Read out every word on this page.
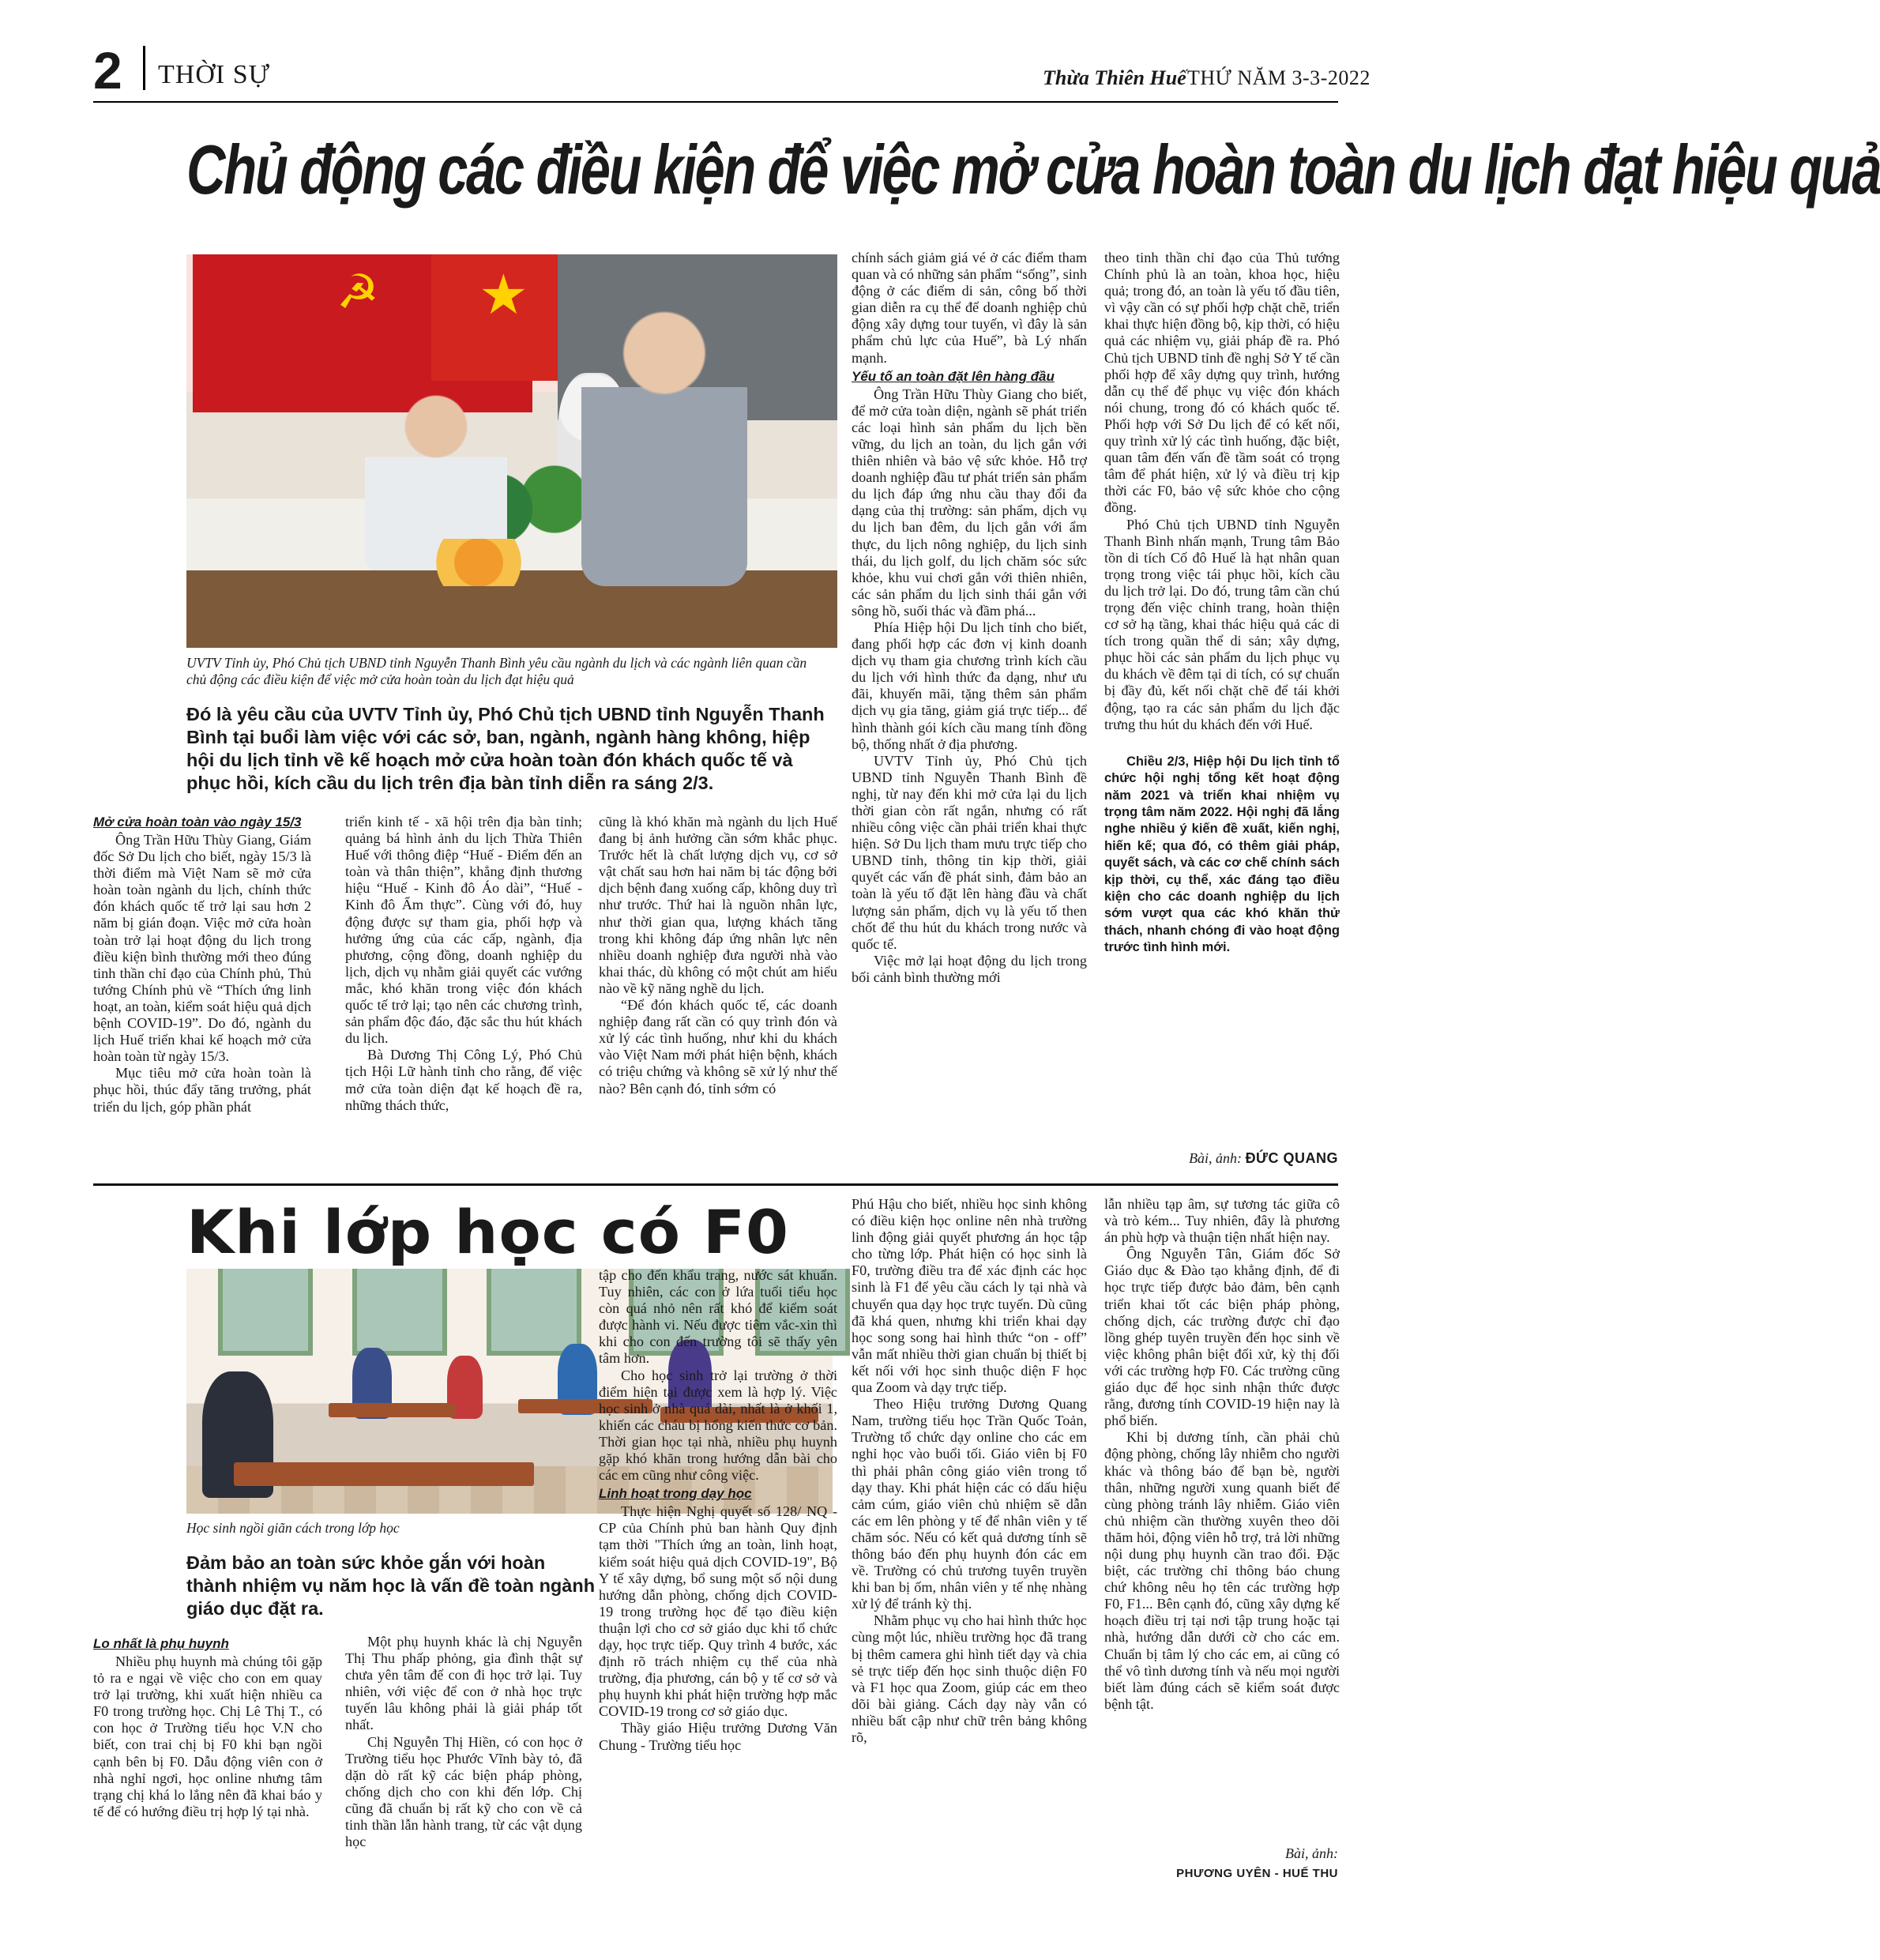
2 THỜI SỰ	Thừa Thiên Huế THỨ NĂM 3-3-2022
Chủ động các điều kiện để việc mở cửa hoàn toàn du lịch đạt hiệu quả
☭ ★
UVTV Tỉnh ủy, Phó Chủ tịch UBND tỉnh Nguyễn Thanh Bình yêu cầu ngành du lịch và các ngành liên quan cần chủ động các điều kiện để việc mở cửa hoàn toàn du lịch đạt hiệu quả
Đó là yêu cầu của UVTV Tỉnh ủy, Phó Chủ tịch UBND tỉnh Nguyễn Thanh Bình tại buổi làm việc với các sở, ban, ngành, ngành hàng không, hiệp hội du lịch tỉnh về kế hoạch mở cửa hoàn toàn đón khách quốc tế và phục hồi, kích cầu du lịch trên địa bàn tỉnh diễn ra sáng 2/3.
Mở cửa hoàn toàn vào ngày 15/3

Ông Trần Hữu Thùy Giang, Giám đốc Sở Du lịch cho biết, ngày 15/3 là thời điểm mà Việt Nam sẽ mở cửa hoàn toàn ngành du lịch, chính thức đón khách quốc tế trở lại sau hơn 2 năm bị gián đoạn. Việc mở cửa hoàn toàn trở lại hoạt động du lịch trong điều kiện bình thường mới theo đúng tinh thần chỉ đạo của Chính phủ, Thủ tướng Chính phủ về “Thích ứng linh hoạt, an toàn, kiểm soát hiệu quả dịch bệnh COVID-19”. Do đó, ngành du lịch Huế triển khai kế hoạch mở cửa hoàn toàn từ ngày 15/3.

Mục tiêu mở cửa hoàn toàn là phục hồi, thúc đẩy tăng trưởng, phát triển du lịch, góp phần phát

triển kinh tế - xã hội trên địa bàn tỉnh; quảng bá hình ảnh du lịch Thừa Thiên Huế với thông điệp “Huế - Điểm đến an toàn và thân thiện”, khẳng định thương hiệu “Huế - Kinh đô Áo dài”, “Huế - Kinh đô Ẩm thực”. Cùng với đó, huy động được sự tham gia, phối hợp và hưởng ứng của các cấp, ngành, địa phương, cộng đồng, doanh nghiệp du lịch, dịch vụ nhằm giải quyết các vướng mắc, khó khăn trong việc đón khách quốc tế trở lại; tạo nên các chương trình, sản phẩm độc đáo, đặc sắc thu hút khách du lịch.

Bà Dương Thị Công Lý, Phó Chủ tịch Hội Lữ hành tỉnh cho rằng, để việc mở cửa toàn diện đạt kế hoạch đề ra, những thách thức,

cũng là khó khăn mà ngành du lịch Huế đang bị ảnh hưởng cần sớm khắc phục. Trước hết là chất lượng dịch vụ, cơ sở vật chất sau hơn hai năm bị tác động bởi dịch bệnh đang xuống cấp, không duy trì như trước. Thứ hai là nguồn nhân lực, như thời gian qua, lượng khách tăng trong khi không đáp ứng nhân lực nên nhiều doanh nghiệp đưa người nhà vào khai thác, dù không có một chút am hiểu nào về kỹ năng nghề du lịch.

“Để đón khách quốc tế, các doanh nghiệp đang rất cần có quy trình đón và xử lý các tình huống, như khi du khách vào Việt Nam mới phát hiện bệnh, khách có triệu chứng và không sẽ xử lý như thế nào? Bên cạnh đó, tỉnh sớm có

chính sách giảm giá vé ở các điểm tham quan và có những sản phẩm “sống”, sinh động ở các điểm di sản, công bố thời gian diễn ra cụ thể để doanh nghiệp chủ động xây dựng tour tuyến, vì đây là sản phẩm chủ lực của Huế”, bà Lý nhấn mạnh.

Yếu tố an toàn đặt lên hàng đầu

Ông Trần Hữu Thùy Giang cho biết, để mở cửa toàn diện, ngành sẽ phát triển các loại hình sản phẩm du lịch bền vững, du lịch an toàn, du lịch gắn với thiên nhiên và bảo vệ sức khỏe. Hỗ trợ doanh nghiệp đầu tư phát triển sản phẩm du lịch đáp ứng nhu cầu thay đổi đa dạng của thị trường: sản phẩm, dịch vụ du lịch ban đêm, du lịch gắn với ẩm thực, du lịch nông nghiệp, du lịch sinh thái, du lịch golf, du lịch chăm sóc sức khỏe, khu vui chơi gắn với thiên nhiên, các sản phẩm du lịch sinh thái gắn với sông hồ, suối thác và đầm phá...

Phía Hiệp hội Du lịch tỉnh cho biết, đang phối hợp các đơn vị kinh doanh dịch vụ tham gia chương trình kích cầu du lịch với hình thức đa dạng, như ưu đãi, khuyến mãi, tặng thêm sản phẩm dịch vụ gia tăng, giảm giá trực tiếp... để hình thành gói kích cầu mang tính đồng bộ, thống nhất ở địa phương.

UVTV Tỉnh ủy, Phó Chủ tịch UBND tỉnh Nguyễn Thanh Bình đề nghị, từ nay đến khi mở cửa lại du lịch thời gian còn rất ngắn, nhưng có rất nhiều công việc cần phải triển khai thực hiện. Sở Du lịch tham mưu trực tiếp cho UBND tỉnh, thông tin kịp thời, giải quyết các vấn đề phát sinh, đảm bảo an toàn là yếu tố đặt lên hàng đầu và chất lượng sản phẩm, dịch vụ là yếu tố then chốt để thu hút du khách trong nước và quốc tế.

Việc mở lại hoạt động du lịch trong bối cảnh bình thường mới

theo tinh thần chỉ đạo của Thủ tướng Chính phủ là an toàn, khoa học, hiệu quả; trong đó, an toàn là yếu tố đầu tiên, vì vậy cần có sự phối hợp chặt chẽ, triển khai thực hiện đồng bộ, kịp thời, có hiệu quả các nhiệm vụ, giải pháp đề ra. Phó Chủ tịch UBND tỉnh đề nghị Sở Y tế cần phối hợp để xây dựng quy trình, hướng dẫn cụ thể để phục vụ việc đón khách nói chung, trong đó có khách quốc tế. Phối hợp với Sở Du lịch để có kết nối, quy trình xử lý các tình huống, đặc biệt, quan tâm đến vấn đề tầm soát có trọng tâm để phát hiện, xử lý và điều trị kịp thời các F0, bảo vệ sức khỏe cho cộng đồng.

Phó Chủ tịch UBND tỉnh Nguyễn Thanh Bình nhấn mạnh, Trung tâm Bảo tồn di tích Cố đô Huế là hạt nhân quan trọng trong việc tái phục hồi, kích cầu du lịch trở lại. Do đó, trung tâm cần chú trọng đến việc chỉnh trang, hoàn thiện cơ sở hạ tầng, khai thác hiệu quả các di tích trong quần thể di sản; xây dựng, phục hồi các sản phẩm du lịch phục vụ du khách về đêm tại di tích, có sự chuẩn bị đầy đủ, kết nối chặt chẽ để tái khởi động, tạo ra các sản phẩm du lịch đặc trưng thu hút du khách đến với Huế.

Chiều 2/3, Hiệp hội Du lịch tỉnh tổ chức hội nghị tổng kết hoạt động năm 2021 và triển khai nhiệm vụ trọng tâm năm 2022. Hội nghị đã lắng nghe nhiều ý kiến đề xuất, kiến nghị, hiến kế; qua đó, có thêm giải pháp, quyết sách, và các cơ chế chính sách kịp thời, cụ thể, xác đáng tạo điều kiện cho các doanh nghiệp du lịch sớm vượt qua các khó khăn thử thách, nhanh chóng đi vào hoạt động trước tình hình mới.

Bài, ảnh: ĐỨC QUANG
Khi lớp học có F0
Học sinh ngồi giãn cách trong lớp học
Đảm bảo an toàn sức khỏe gắn với hoàn thành nhiệm vụ năm học là vấn đề toàn ngành giáo dục đặt ra.
Lo nhất là phụ huynh

Nhiều phụ huynh mà chúng tôi gặp tỏ ra e ngại về việc cho con em quay trở lại trường, khi xuất hiện nhiều ca F0 trong trường học. Chị Lê Thị T., có con học ở Trường tiểu học V.N cho biết, con trai chị bị F0 khi bạn ngồi cạnh bên bị F0. Dẫu động viên con ở nhà nghỉ ngơi, học online nhưng tâm trạng chị khá lo lắng nên đã khai báo y tế để có hướng điều trị hợp lý tại nhà.

Một phụ huynh khác là chị Nguyễn Thị Thu phấp phỏng, gia đình thật sự chưa yên tâm để con đi học trở lại. Tuy nhiên, với việc để con ở nhà học trực tuyến lâu không phải là giải pháp tốt nhất.

Chị Nguyễn Thị Hiền, có con học ở Trường tiểu học Phước Vĩnh bày tỏ, đã dặn dò rất kỹ các biện pháp phòng, chống dịch cho con khi đến lớp. Chị cũng đã chuẩn bị rất kỹ cho con về cả tinh thần lẫn hành trang, từ các vật dụng học

tập cho đến khẩu trang, nước sát khuẩn. Tuy nhiên, các con ở lứa tuổi tiểu học còn quá nhỏ nên rất khó để kiểm soát được hành vi. Nếu được tiêm vắc-xin thì khi cho con đến trường tôi sẽ thấy yên tâm hơn.

Cho học sinh trở lại trường ở thời điểm hiện tại được xem là hợp lý. Việc học sinh ở nhà quá dài, nhất là ở khối 1, khiến các cháu bị hổng kiến thức cơ bản. Thời gian học tại nhà, nhiều phụ huynh gặp khó khăn trong hướng dẫn bài cho các em cũng như công việc.

Linh hoạt trong dạy học

Thực hiện Nghị quyết số 128/ NQ - CP của Chính phủ ban hành Quy định tạm thời "Thích ứng an toàn, linh hoạt, kiểm soát hiệu quả dịch COVID-19", Bộ Y tế xây dựng, bổ sung một số nội dung hướng dẫn phòng, chống dịch COVID-19 trong trường học để tạo điều kiện thuận lợi cho cơ sở giáo dục khi tổ chức dạy, học trực tiếp. Quy trình 4 bước, xác định rõ trách nhiệm cụ thể của nhà trường, địa phương, cán bộ y tế cơ sở và phụ huynh khi phát hiện trường hợp mắc COVID-19 trong cơ sở giáo dục.

Thầy giáo Hiệu trưởng Dương Văn Chung - Trường tiểu học

Phú Hậu cho biết, nhiều học sinh không có điều kiện học online nên nhà trường linh động giải quyết phương án học tập cho từng lớp. Phát hiện có học sinh là F0, trường điều tra để xác định các học sinh là F1 để yêu cầu cách ly tại nhà và chuyển qua dạy học trực tuyến. Dù cũng đã khá quen, nhưng khi triển khai dạy học song song hai hình thức “on - off” vẫn mất nhiều thời gian chuẩn bị thiết bị kết nối với học sinh thuộc diện F học qua Zoom và dạy trực tiếp.

Theo Hiệu trưởng Dương Quang Nam, trường tiểu học Trần Quốc Toản, Trường tổ chức dạy online cho các em nghỉ học vào buổi tối. Giáo viên bị F0 thì phải phân công giáo viên trong tổ dạy thay. Khi phát hiện các có dấu hiệu cảm cúm, giáo viên chủ nhiệm sẽ dẫn các em lên phòng y tế để nhân viên y tế chăm sóc. Nếu có kết quả dương tính sẽ thông báo đến phụ huynh đón các em về. Trường có chủ trương tuyên truyền khi ban bị ốm, nhân viên y tế nhẹ nhàng xử lý để tránh kỳ thị.

Nhằm phục vụ cho hai hình thức học cùng một lúc, nhiều trường học đã trang bị thêm camera ghi hình tiết dạy và chia sẻ trực tiếp đến học sinh thuộc diện F0 và F1 học qua Zoom, giúp các em theo dõi bài giảng. Cách dạy này vẫn có nhiều bất cập như chữ trên bảng không rõ,

lẫn nhiều tạp âm, sự tương tác giữa cô và trò kém... Tuy nhiên, đây là phương án phù hợp và thuận tiện nhất hiện nay.

Ông Nguyễn Tân, Giám đốc Sở Giáo dục & Đào tạo khẳng định, để đi học trực tiếp được bảo đảm, bên cạnh triển khai tốt các biện pháp phòng, chống dịch, các trường được chỉ đạo lồng ghép tuyên truyền đến học sinh về việc không phân biệt đối xử, kỳ thị đối với các trường hợp F0. Các trường cũng giáo dục để học sinh nhận thức được rằng, đương tính COVID-19 hiện nay là phổ biến.

Khi bị dương tính, cần phải chủ động phòng, chống lây nhiễm cho người khác và thông báo để bạn bè, người thân, những người xung quanh biết để cùng phòng tránh lây nhiễm. Giáo viên chủ nhiệm cần thường xuyên theo dõi thăm hỏi, động viên hỗ trợ, trả lời những nội dung phụ huynh cần trao đổi. Đặc biệt, các trường chỉ thông báo chung chứ không nêu họ tên các trường hợp F0, F1... Bên cạnh đó, cũng xây dựng kế hoạch điều trị tại nơi tập trung hoặc tại nhà, hướng dẫn dưới cờ cho các em. Chuẩn bị tâm lý cho các em, ai cũng có thể vô tình dương tính và nếu mọi người biết làm đúng cách sẽ kiểm soát được bệnh tật.

Bài, ảnh:
PHƯƠNG UYÊN - HUẾ THU
